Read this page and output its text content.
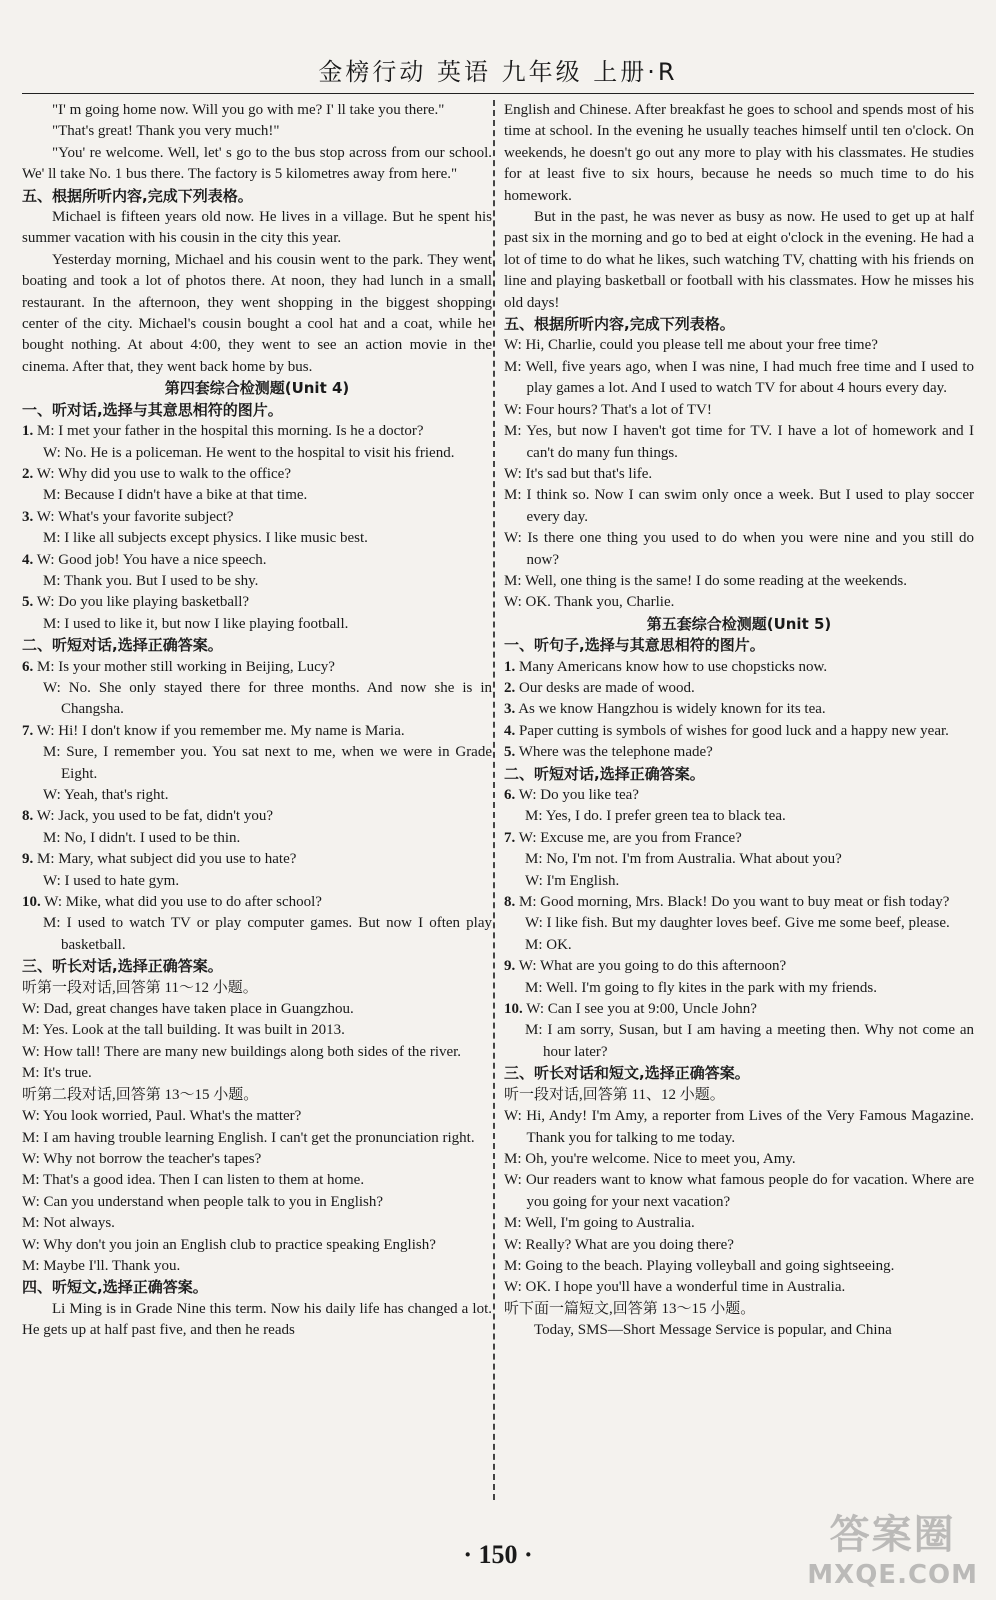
金榜行动 英语 九年级 上册·R

"I' m going home now. Will you go with me? I' ll take you there."

"That's great! Thank you very much!"

"You' re welcome. Well, let' s go to the bus stop across from our school. We' ll take No. 1 bus there. The factory is 5 kilometres away from here."

五、根据所听内容,完成下列表格。

Michael is fifteen years old now. He lives in a village. But he spent his summer vacation with his cousin in the city this year.

Yesterday morning, Michael and his cousin went to the park. They went boating and took a lot of photos there. At noon, they had lunch in a small restaurant. In the afternoon, they went shopping in the biggest shopping center of the city. Michael's cousin bought a cool hat and a coat, while he bought nothing. At about 4:00, they went to see an action movie in the cinema. After that, they went back home by bus.

第四套综合检测题(Unit 4)

一、听对话,选择与其意思相符的图片。

1. M: I met your father in the hospital this morning. Is he a doctor?

W: No. He is a policeman. He went to the hospital to visit his friend.

2. W: Why did you use to walk to the office?

M: Because I didn't have a bike at that time.

3. W: What's your favorite subject?

M: I like all subjects except physics. I like music best.

4. W: Good job! You have a nice speech.

M: Thank you. But I used to be shy.

5. W: Do you like playing basketball?

M: I used to like it, but now I like playing football.

二、听短对话,选择正确答案。

6. M: Is your mother still working in Beijing, Lucy?

W: No. She only stayed there for three months. And now she is in Changsha.

7. W: Hi! I don't know if you remember me. My name is Maria.

M: Sure, I remember you. You sat next to me, when we were in Grade Eight.

W: Yeah, that's right.

8. W: Jack, you used to be fat, didn't you?

M: No, I didn't. I used to be thin.

9. M: Mary, what subject did you use to hate?

W: I used to hate gym.

10. W: Mike, what did you use to do after school?

M: I used to watch TV or play computer games. But now I often play basketball.

三、听长对话,选择正确答案。

听第一段对话,回答第 11～12 小题。

W: Dad, great changes have taken place in Guangzhou.

M: Yes. Look at the tall building. It was built in 2013.

W: How tall! There are many new buildings along both sides of the river.

M: It's true.

听第二段对话,回答第 13～15 小题。

W: You look worried, Paul. What's the matter?

M: I am having trouble learning English. I can't get the pronunciation right.

W: Why not borrow the teacher's tapes?

M: That's a good idea. Then I can listen to them at home.

W: Can you understand when people talk to you in English?

M: Not always.

W: Why don't you join an English club to practice speaking English?

M: Maybe I'll. Thank you.

四、听短文,选择正确答案。

Li Ming is in Grade Nine this term. Now his daily life has changed a lot. He gets up at half past five, and then he reads

English and Chinese. After breakfast he goes to school and spends most of his time at school. In the evening he usually teaches himself until ten o'clock. On weekends, he doesn't go out any more to play with his classmates. He studies for at least five to six hours, because he needs so much time to do his homework.

But in the past, he was never as busy as now. He used to get up at half past six in the morning and go to bed at eight o'clock in the evening. He had a lot of time to do what he likes, such watching TV, chatting with his friends on line and playing basketball or football with his classmates. How he misses his old days!

五、根据所听内容,完成下列表格。

W: Hi, Charlie, could you please tell me about your free time?

M: Well, five years ago, when I was nine, I had much free time and I used to play games a lot. And I used to watch TV for about 4 hours every day.

W: Four hours? That's a lot of TV!

M: Yes, but now I haven't got time for TV. I have a lot of homework and I can't do many fun things.

W: It's sad but that's life.

M: I think so. Now I can swim only once a week. But I used to play soccer every day.

W: Is there one thing you used to do when you were nine and you still do now?

M: Well, one thing is the same! I do some reading at the weekends.

W: OK. Thank you, Charlie.

第五套综合检测题(Unit 5)

一、听句子,选择与其意思相符的图片。

1. Many Americans know how to use chopsticks now.

2. Our desks are made of wood.

3. As we know Hangzhou is widely known for its tea.

4. Paper cutting is symbols of wishes for good luck and a happy new year.

5. Where was the telephone made?

二、听短对话,选择正确答案。

6. W: Do you like tea?

M: Yes, I do. I prefer green tea to black tea.

7. W: Excuse me, are you from France?

M: No, I'm not. I'm from Australia. What about you?

W: I'm English.

8. M: Good morning, Mrs. Black! Do you want to buy meat or fish today?

W: I like fish. But my daughter loves beef. Give me some beef, please.

M: OK.

9. W: What are you going to do this afternoon?

M: Well. I'm going to fly kites in the park with my friends.

10. W: Can I see you at 9:00, Uncle John?

M: I am sorry, Susan, but I am having a meeting then. Why not come an hour later?

三、听长对话和短文,选择正确答案。

听一段对话,回答第 11、12 小题。

W: Hi, Andy! I'm Amy, a reporter from Lives of the Very Famous Magazine. Thank you for talking to me today.

M: Oh, you're welcome. Nice to meet you, Amy.

W: Our readers want to know what famous people do for vacation. Where are you going for your next vacation?

M: Well, I'm going to Australia.

W: Really? What are you doing there?

M: Going to the beach. Playing volleyball and going sightseeing.

W: OK. I hope you'll have a wonderful time in Australia.

听下面一篇短文,回答第 13～15 小题。

Today, SMS—Short Message Service is popular, and China

· 150 ·	答案圈
MXQE.COM
